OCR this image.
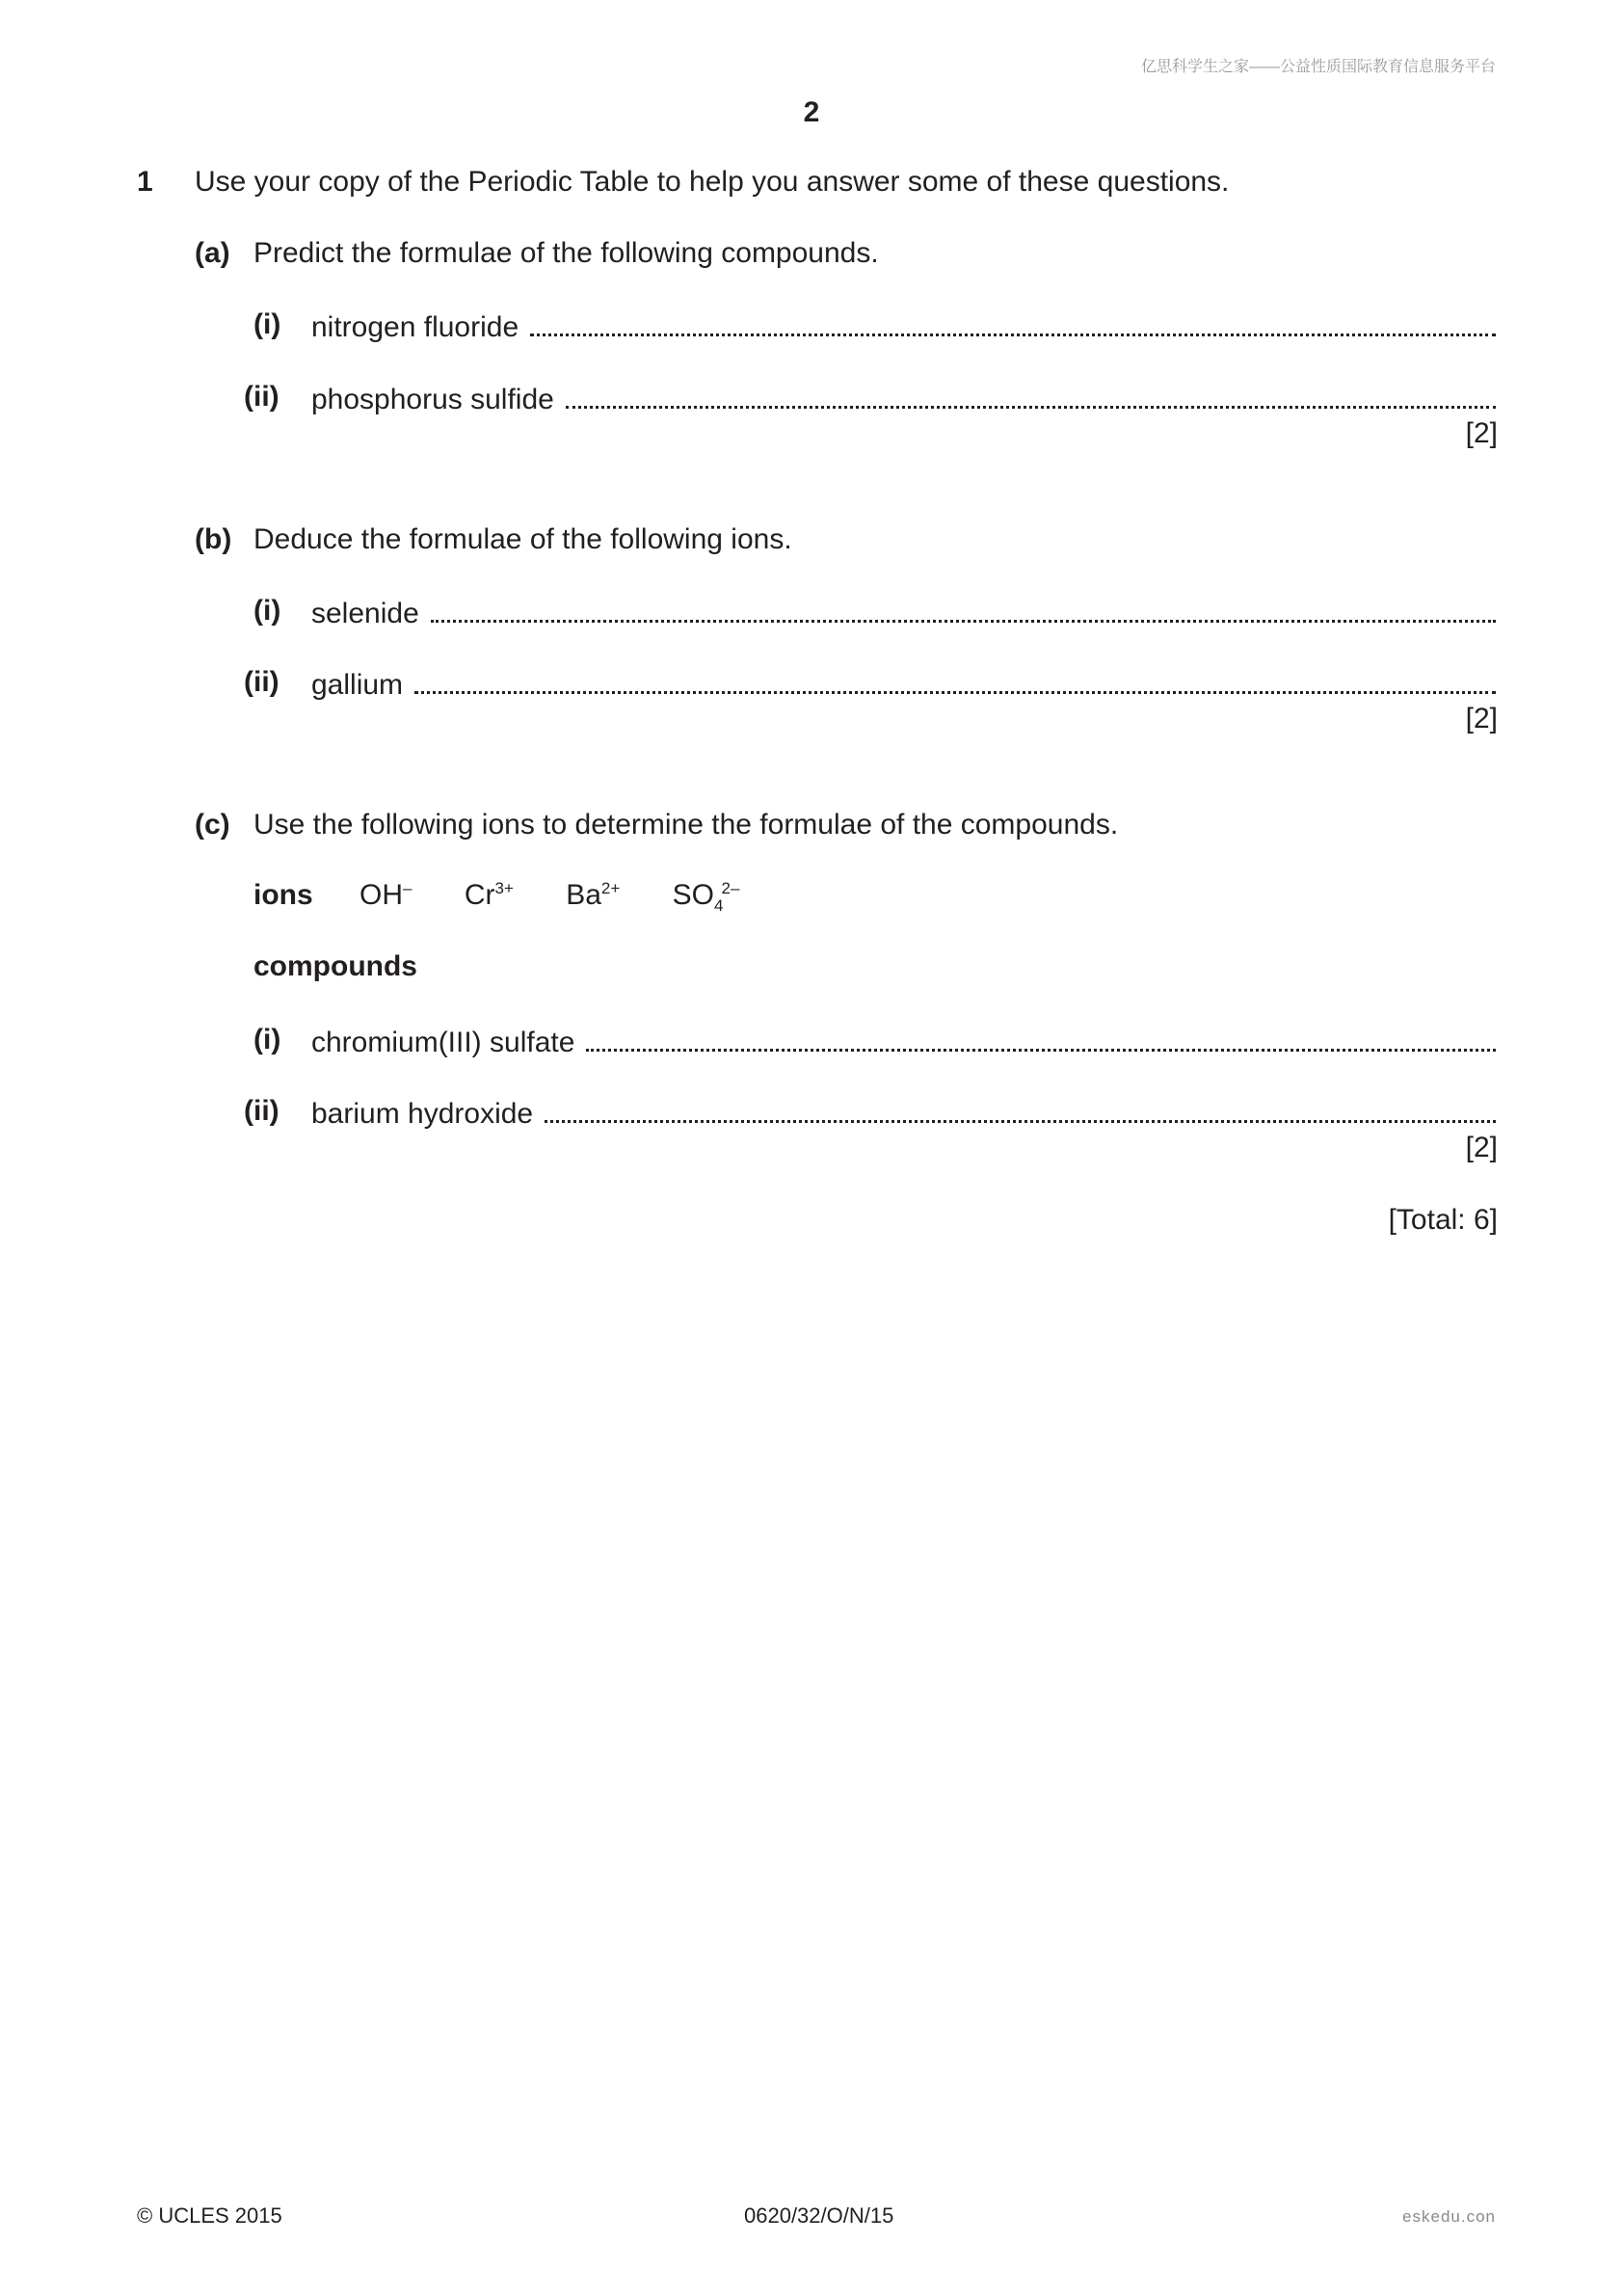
亿思科学生之家——公益性质国际教育信息服务平台
2
1 Use your copy of the Periodic Table to help you answer some of these questions.
(a) Predict the formulae of the following compounds.
(i) nitrogen fluoride
(ii) phosphorus sulfide
[2]
(b) Deduce the formulae of the following ions.
(i) selenide
(ii) gallium
[2]
(c) Use the following ions to determine the formulae of the compounds.
ions OH– $Cr^{3+}$ $Ba^{2+}$ $SO_4^{2-}$
compounds
(i) chromium(III) sulfate
(ii) barium hydroxide
[2]
[Total: 6]
© UCLES 2015	0620/32/O/N/15	eskedu.con
